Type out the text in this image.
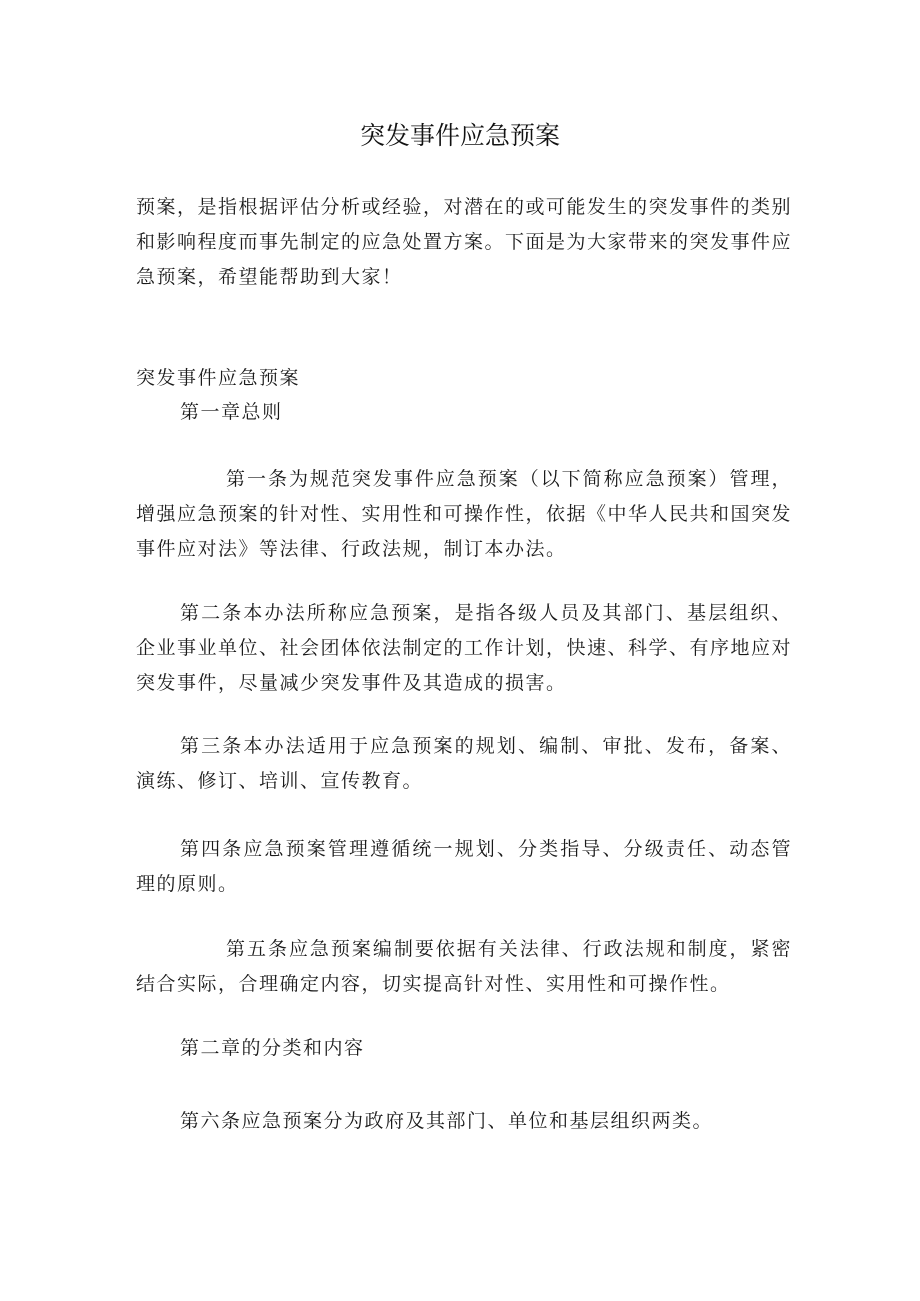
突发事件应急预案

预案，是指根据评估分析或经验，对潜在的或可能发生的突发事件的类别和影响程度而事先制定的应急处置方案。下面是为大家带来的突发事件应急预案，希望能帮助到大家！

突发事件应急预案

第一章总则

第一条为规范突发事件应急预案（以下简称应急预案）管理，增强应急预案的针对性、实用性和可操作性，依据《中华人民共和国突发事件应对法》等法律、行政法规，制订本办法。

第二条本办法所称应急预案，是指各级人员及其部门、基层组织、企业事业单位、社会团体依法制定的工作计划，快速、科学、有序地应对突发事件，尽量减少突发事件及其造成的损害。

第三条本办法适用于应急预案的规划、编制、审批、发布，备案、演练、修订、培训、宣传教育。

第四条应急预案管理遵循统一规划、分类指导、分级责任、动态管理的原则。

第五条应急预案编制要依据有关法律、行政法规和制度，紧密结合实际，合理确定内容，切实提高针对性、实用性和可操作性。

第二章的分类和内容

第六条应急预案分为政府及其部门、单位和基层组织两类。
